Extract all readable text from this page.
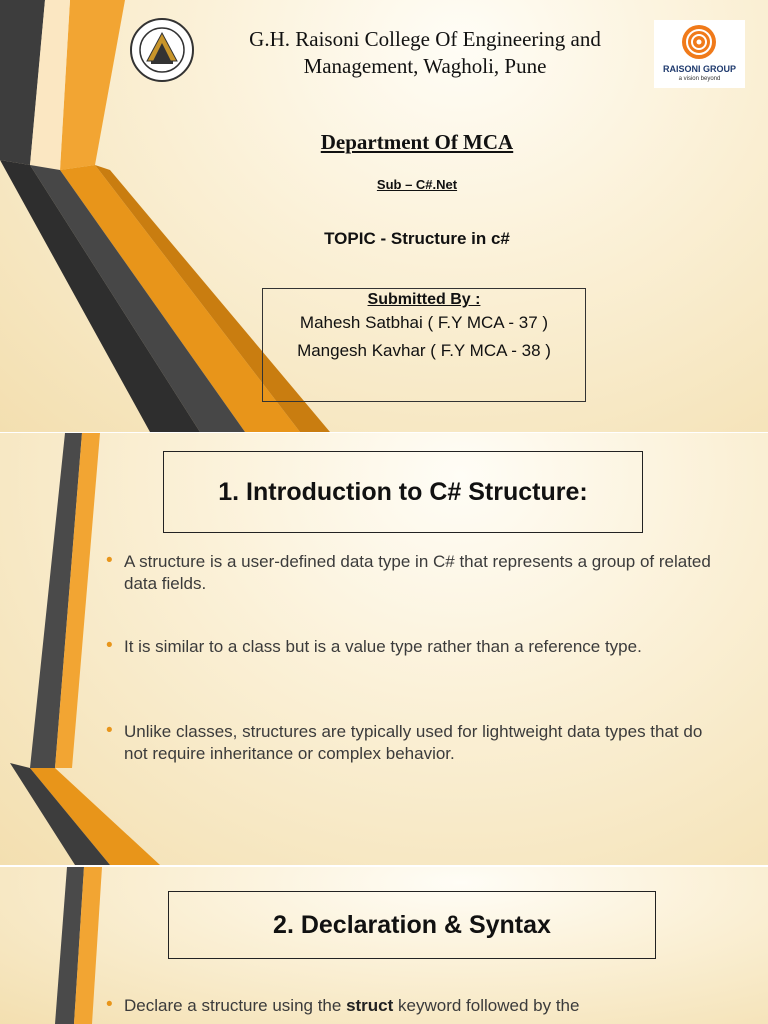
G.H. Raisoni College Of Engineering and Management, Wagholi, Pune	RAISONI GROUP
a vision beyond
Department Of MCA
Sub – C#.Net
TOPIC - Structure in c#
Submitted By :
Mahesh Satbhai ( F.Y MCA - 37 )
Mangesh Kavhar ( F.Y MCA - 38 )
1. Introduction to C# Structure:
• A structure is a user-defined data type in C# that represents a group of related data fields.
• It is similar to a class but is a value type rather than a reference type.
• Unlike classes, structures are typically used for lightweight data types that do not require inheritance or complex behavior.
2. Declaration & Syntax
• Declare a structure using the struct keyword followed by the
